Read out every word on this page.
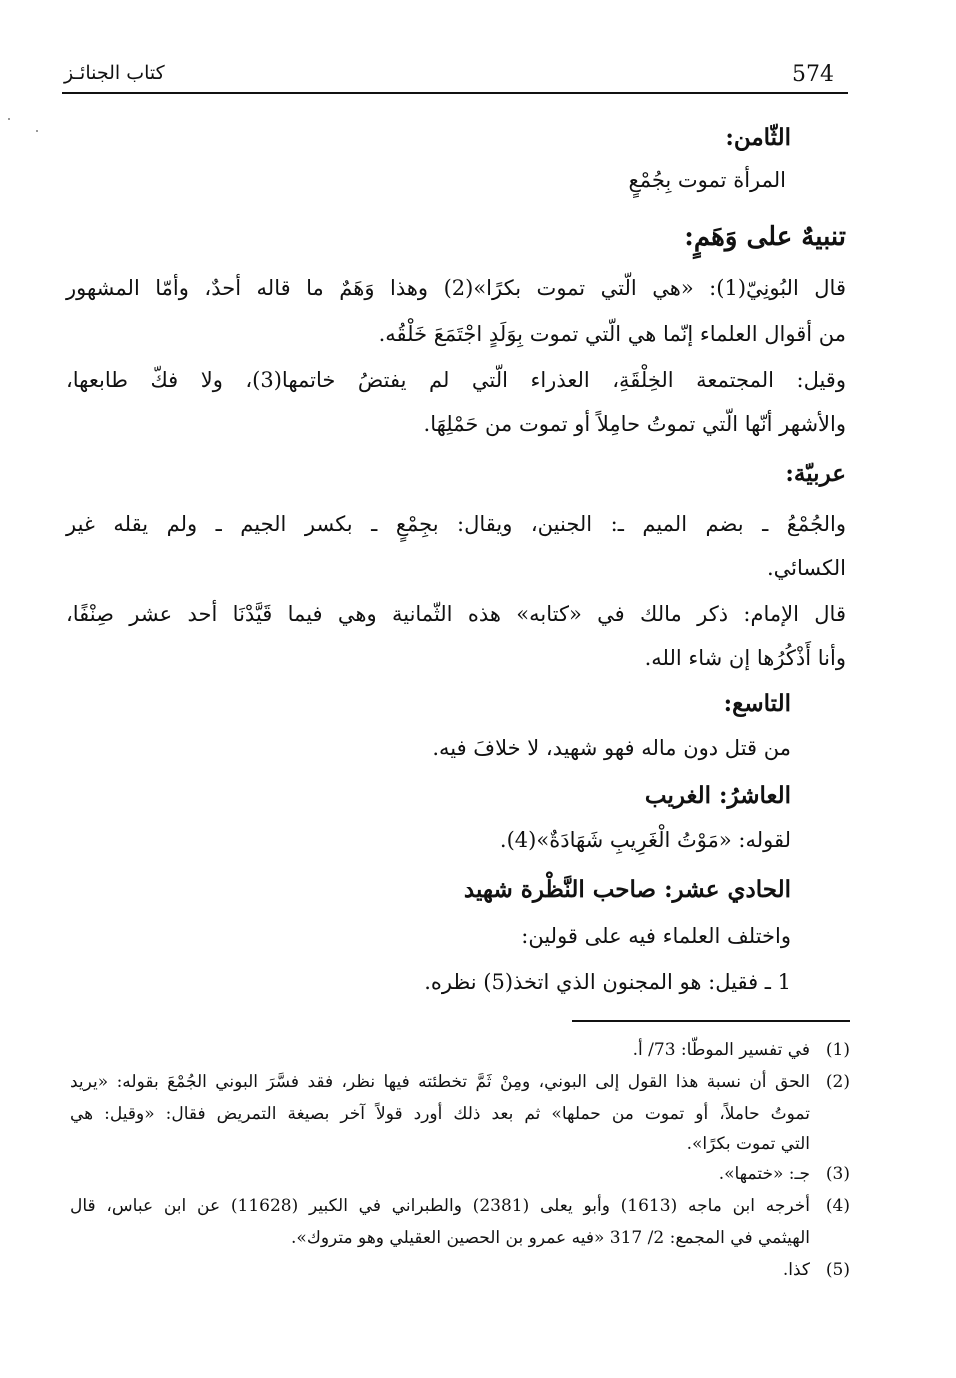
574
كتاب الجنائـز
الثّامن:
المرأة تموت بِجُمْعٍ
تنبيهٌ على وَهَمٍ:
قال البُونِيّ(1): «هي الّتي تموت بكرًا»(2) وهذا وَهَمٌ ما قاله أحدٌ، وأمّا المشهور
من أقوال العلماء إنّما هي الّتي تموت بِوَلَدٍ اجْتَمَعَ خَلْقُه.
وقيل: المجتمعة الخِلْقَةِ، العذراء الّتي لم يفتضُ خاتمها(3)، ولا فكّ طابعها،
والأشهر أنّها الّتي تموتُ حامِلاً أو تموت من حَمْلِهَا.
عربيّة:
والجُمْعُ ـ بضم الميم ـ: الجنين، ويقال: بجِمْعٍ ـ بكسر الجيم ـ ولم يقله غير
الكسائي.
قال الإمام: ذكر مالك في «كتابه» هذه الثّمانية وهي فيما قَيَّدْنَا أحد عشر صِنْفًا،
وأنا أَذْكُرُها إن شاء الله.
التاسع:
من قتل دون ماله فهو شهيد، لا خلافَ فيه.
العاشرُ: الغريب
لقوله: «مَوْتُ الْغَرِيبِ شَهَادَةٌ»(4).
الحادي عشر: صاحب النَّظْرة شهيد
واختلف العلماء فيه على قولين:
1 ـ فقيل: هو المجنون الذي اتخذ(5) نظره.
(1)
في تفسير الموطّا: 73/ أ.
(2)
الحق أن نسبة هذا القول إلى البوني، ومِنْ ثَمَّ تخطئته فيها نظر، فقد فسَّرَ البوني الجُمْعَ بقوله: «يريد
تموتُ حاملاً، أو تموت من حملها» ثم بعد ذلك أورد قولاً آخر بصيغة التمريض فقال: «وقيل: هي
التي تموت بكرًا».
(3)
جـ: «ختمها».
(4)
أخرجه ابن ماجه (1613) وأبو يعلى (2381) والطبراني في الكبير (11628) عن ابن عباس، قال
الهيثمي في المجمع: 2/ 317 «فيه عمرو بن الحصين العقيلي وهو متروك».
(5)
كذا.
